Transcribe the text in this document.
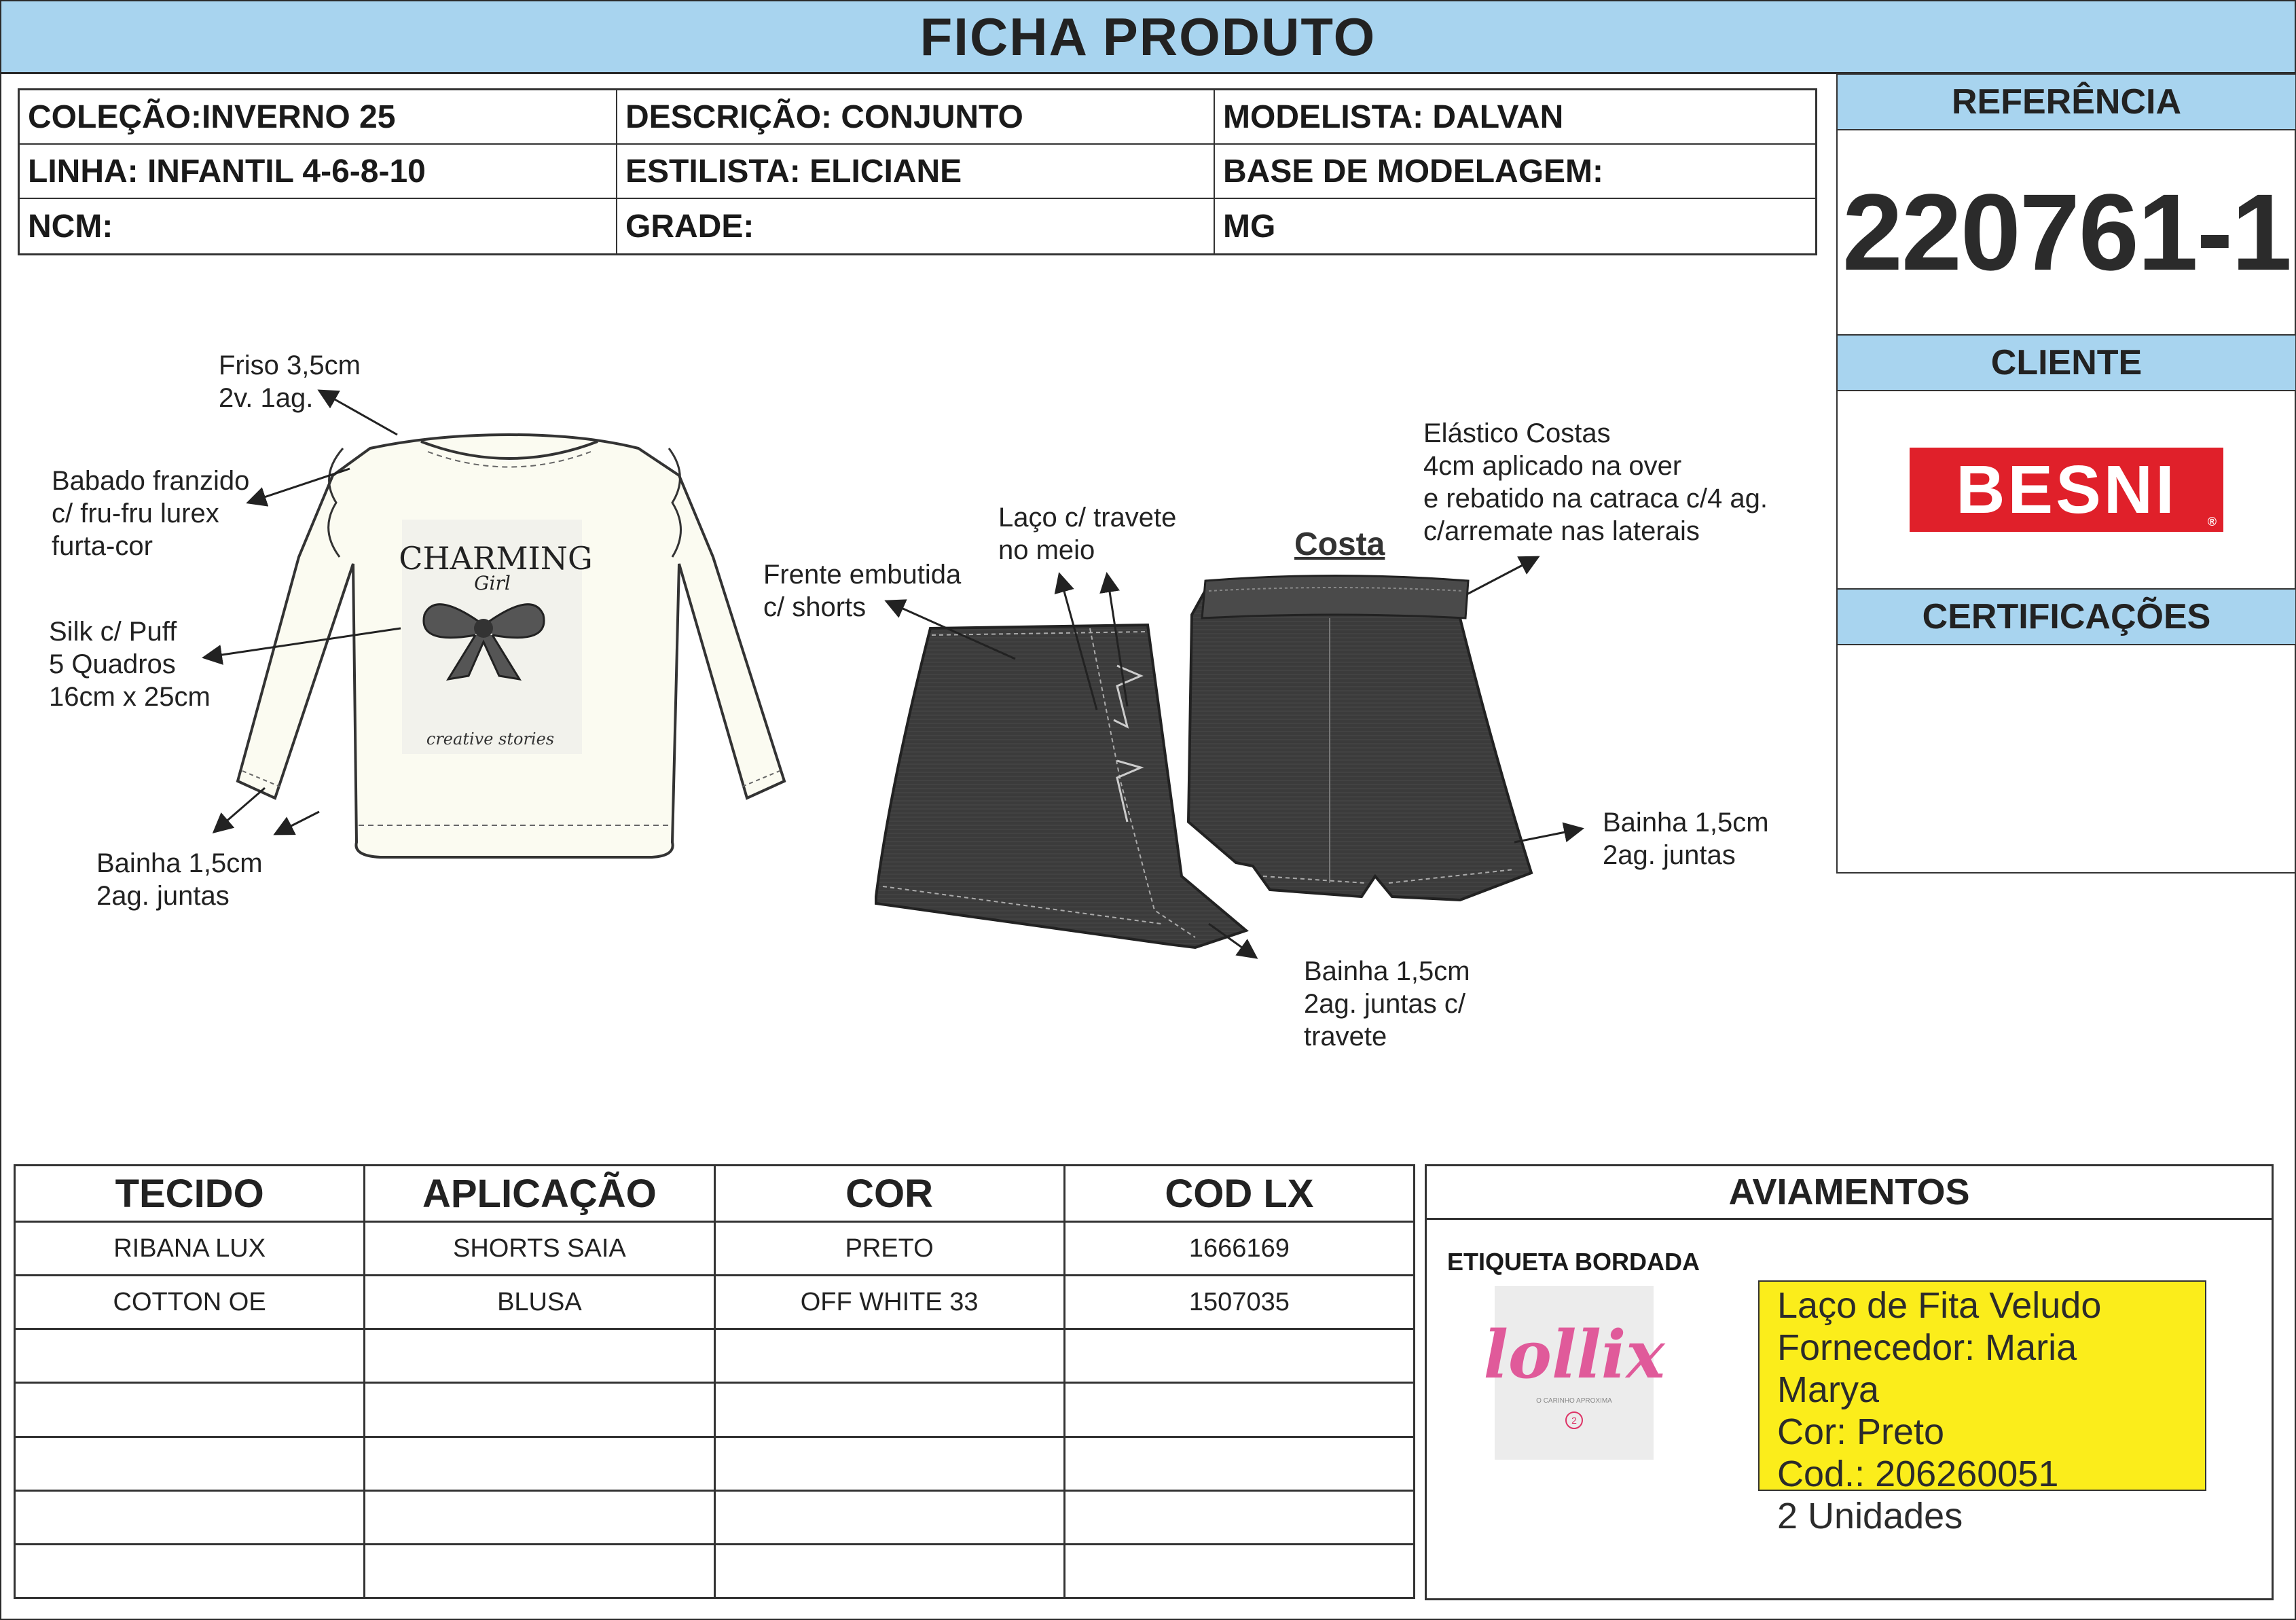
FICHA PRODUTO
COLEÇÃO:INVERNO 25	DESCRIÇÃO: CONJUNTO	MODELISTA: DALVAN
LINHA: INFANTIL 4-6-8-10	ESTILISTA: ELICIANE	BASE DE MODELAGEM:
NCM:	GRADE:	MG
REFERÊNCIA
220761-1
CLIENTE
BESNI ®
CERTIFICAÇÕES
CHARMING
Girl
creative stories
Friso 3,5cm
2v. 1ag.
Babado franzido
c/ fru-fru lurex
furta-cor
Silk c/ Puff
5 Quadros
16cm x 25cm
Bainha 1,5cm
2ag. juntas
Frente embutida
c/ shorts
Laço c/ travete
no meio	Costa
Elástico Costas
4cm aplicado na over
e rebatido na catraca c/4 ag.
c/arremate nas laterais
Bainha 1,5cm
2ag. juntas
Bainha 1,5cm
2ag. juntas c/
travete
TECIDO	APLICAÇÃO	COR	COD LX
RIBANA LUX	SHORTS SAIA	PRETO	1666169
COTTON OE	BLUSA	OFF WHITE 33	1507035

AVIAMENTOS
ETIQUETA BORDADA
lollix
O CARINHO APROXIMA
2
Laço de Fita Veludo
Fornecedor: Maria Marya
Cor: Preto
Cod.: 206260051
2 Unidades
